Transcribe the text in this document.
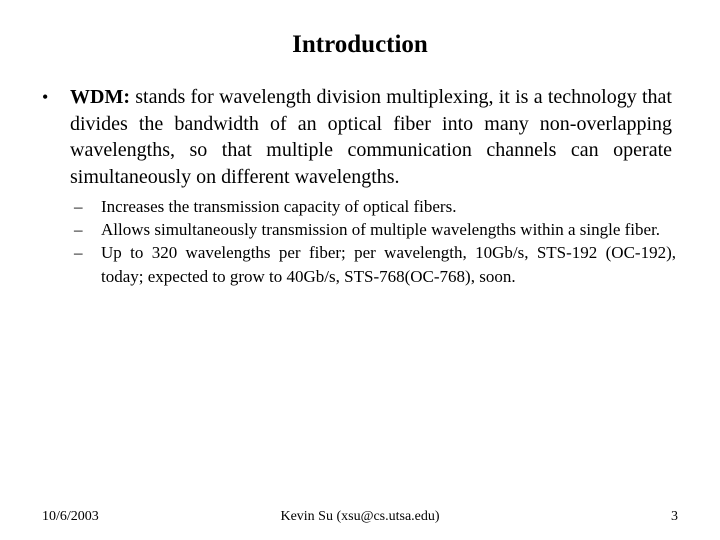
Introduction
• WDM: stands for wavelength division multiplexing, it is a technology that divides the bandwidth of an optical fiber into many non-overlapping wavelengths, so that multiple communication channels can operate simultaneously on different wavelengths.
– Increases the transmission capacity of optical fibers.
– Allows simultaneously transmission of multiple wavelengths within a single fiber.
– Up to 320 wavelengths per fiber; per wavelength, 10Gb/s, STS-192 (OC-192), today; expected to grow to 40Gb/s, STS-768(OC-768), soon.
10/6/2003	Kevin Su (xsu@cs.utsa.edu)	3
